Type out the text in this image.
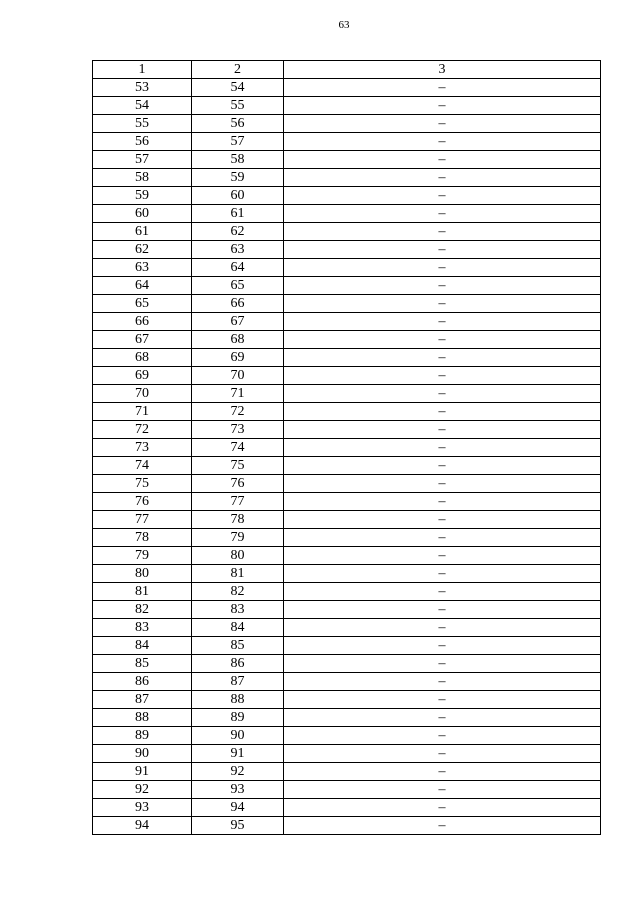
63
1	2	3
53	54	–
54	55	–
55	56	–
56	57	–
57	58	–
58	59	–
59	60	–
60	61	–
61	62	–
62	63	–
63	64	–
64	65	–
65	66	–
66	67	–
67	68	–
68	69	–
69	70	–
70	71	–
71	72	–
72	73	–
73	74	–
74	75	–
75	76	–
76	77	–
77	78	–
78	79	–
79	80	–
80	81	–
81	82	–
82	83	–
83	84	–
84	85	–
85	86	–
86	87	–
87	88	–
88	89	–
89	90	–
90	91	–
91	92	–
92	93	–
93	94	–
94	95	–
